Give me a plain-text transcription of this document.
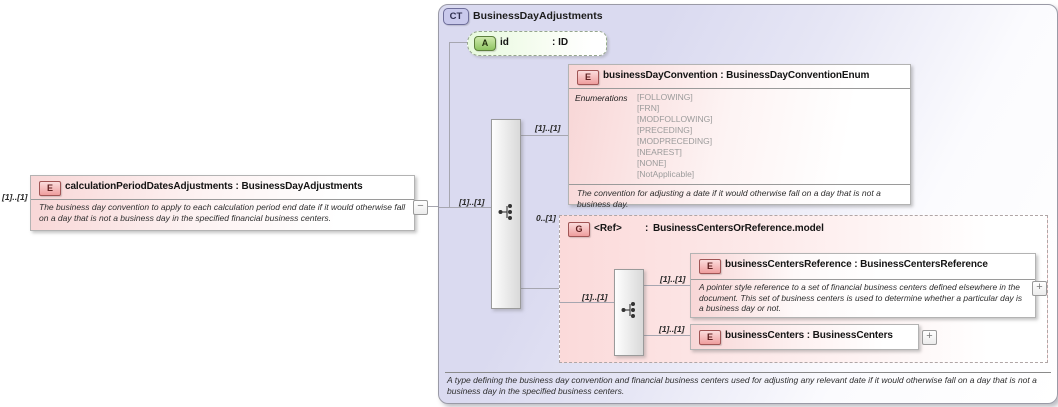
[1]..[1]
E	calculationPeriodDatesAdjustments : BusinessDayAdjustments
The business day convention to apply to each calculation period end date if it would otherwise fall on a day that is not a business day in the specified financial business centers.
−
CT	BusinessDayAdjustments
A	id	: ID
[1]..[1]
[1]..[1]
E	businessDayConvention : BusinessDayConventionEnum
Enumerations	[FOLLOWING]
[FRN]
[MODFOLLOWING]
[PRECEDING]
[MODPRECEDING]
[NEAREST]
[NONE]
[NotApplicable]
The convention for adjusting a date if it would otherwise fall on a day that is not a business day.
0..[1]
G	<Ref>	: BusinessCentersOrReference.model
[1]..[1]
[1]..[1]
E	businessCentersReference : BusinessCentersReference
A pointer style reference to a set of financial business centers defined elsewhere in the document. This set of business centers is used to determine whether a particular day is a business day or not.
+
[1]..[1]
E	businessCenters : BusinessCenters	+
A type defining the business day convention and financial business centers used for adjusting any relevant date if it would otherwise fall on a day that is not a business day in the specified business centers.
